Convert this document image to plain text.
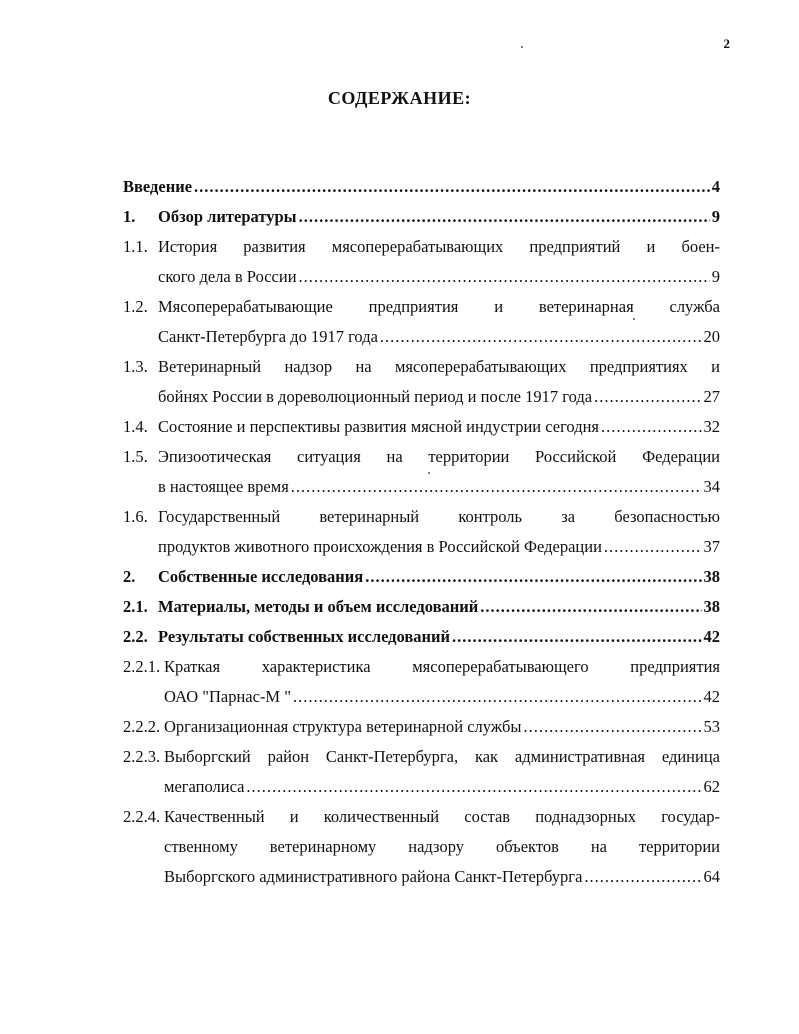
2
СОДЕРЖАНИЕ:
Введение .....	4
1.	Обзор литературы .....	9
1.1. История развития мясоперерабатывающих предприятий и боен-
ского дела в России .....	9
1.2. Мясоперерабатывающие предприятия и ветеринарная служба
Санкт-Петербурга до 1917 года .....	20
1.3. Ветеринарный надзор на мясоперерабатывающих предприятиях и
бойнях России в дореволюционный период и после 1917 года .....	27
1.4. Состояние и перспективы развития мясной индустрии сегодня .....	32
1.5. Эпизоотическая ситуация на территории Российской Федерации
в настоящее время .....	34
1.6. Государственный ветеринарный контроль за безопасностью
продуктов животного происхождения в Российской Федерации .....	37
2.	Собственные исследования .....	38
2.1. Материалы, методы и объем исследований .....	38
2.2. Результаты собственных исследований .....	42
2.2.1. Краткая характеристика мясоперерабатывающего предприятия
ОАО "Парнас-М " .....	42
2.2.2. Организационная структура ветеринарной службы .....	53
2.2.3. Выборгский район Санкт-Петербурга, как административная единица
мегаполиса .....	62
2.2.4. Качественный и количественный состав поднадзорных государ-
ственному ветеринарному надзору объектов на территории
Выборгского административного района Санкт-Петербурга .....	64
